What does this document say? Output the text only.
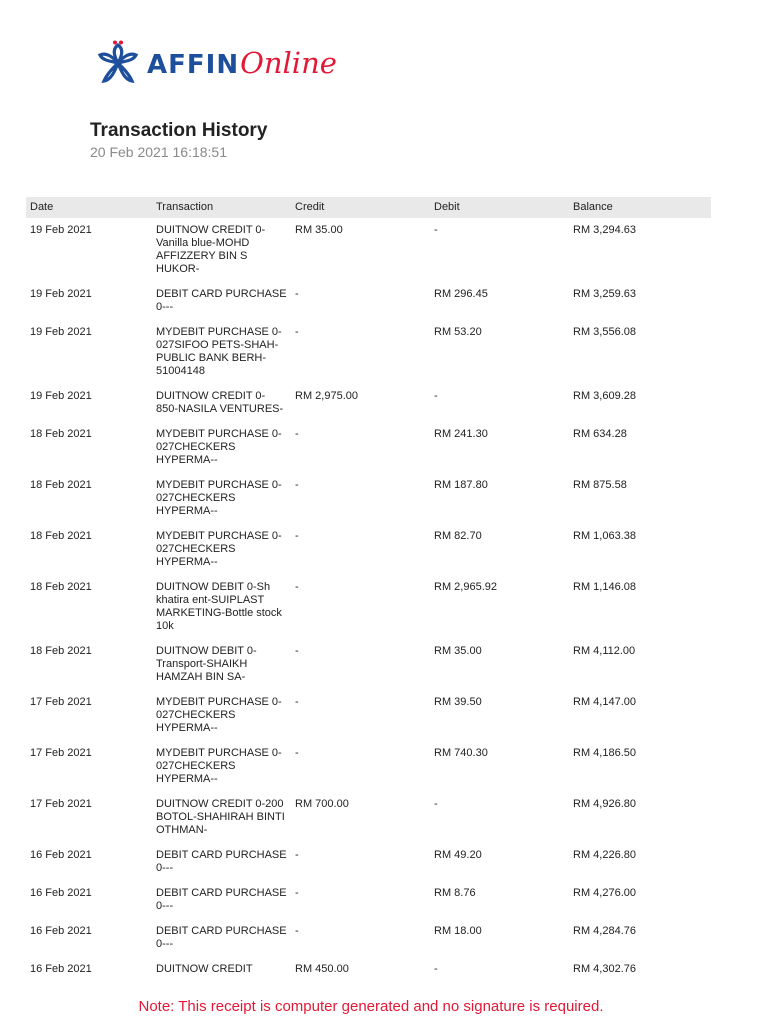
AFFIN Online
Transaction History
20 Feb 2021 16:18:51
Date	Transaction	Credit	Debit	Balance
19 Feb 2021	DUITNOW CREDIT 0-Vanilla blue-MOHD AFFIZZERY BIN S HUKOR-	RM 35.00	-	RM 3,294.63
19 Feb 2021	DEBIT CARD PURCHASE 0---	-	RM 296.45	RM 3,259.63
19 Feb 2021	MYDEBIT PURCHASE 0-027SIFOO PETS-SHAH-PUBLIC BANK BERH-51004148	-	RM 53.20	RM 3,556.08
19 Feb 2021	DUITNOW CREDIT 0-850-NASILA VENTURES-	RM 2,975.00	-	RM 3,609.28
18 Feb 2021	MYDEBIT PURCHASE 0-027CHECKERS HYPERMA--	-	RM 241.30	RM 634.28
18 Feb 2021	MYDEBIT PURCHASE 0-027CHECKERS HYPERMA--	-	RM 187.80	RM 875.58
18 Feb 2021	MYDEBIT PURCHASE 0-027CHECKERS HYPERMA--	-	RM 82.70	RM 1,063.38
18 Feb 2021	DUITNOW DEBIT 0-Sh khatira ent-SUIPLAST MARKETING-Bottle stock 10k	-	RM 2,965.92	RM 1,146.08
18 Feb 2021	DUITNOW DEBIT 0-Transport-SHAIKH HAMZAH BIN SA-	-	RM 35.00	RM 4,112.00
17 Feb 2021	MYDEBIT PURCHASE 0-027CHECKERS HYPERMA--	-	RM 39.50	RM 4,147.00
17 Feb 2021	MYDEBIT PURCHASE 0-027CHECKERS HYPERMA--	-	RM 740.30	RM 4,186.50
17 Feb 2021	DUITNOW CREDIT 0-200 BOTOL-SHAHIRAH BINTI OTHMAN-	RM 700.00	-	RM 4,926.80
16 Feb 2021	DEBIT CARD PURCHASE 0---	-	RM 49.20	RM 4,226.80
16 Feb 2021	DEBIT CARD PURCHASE 0---	-	RM 8.76	RM 4,276.00
16 Feb 2021	DEBIT CARD PURCHASE 0---	-	RM 18.00	RM 4,284.76
16 Feb 2021	DUITNOW CREDIT	RM 450.00	-	RM 4,302.76
Note: This receipt is computer generated and no signature is required.
